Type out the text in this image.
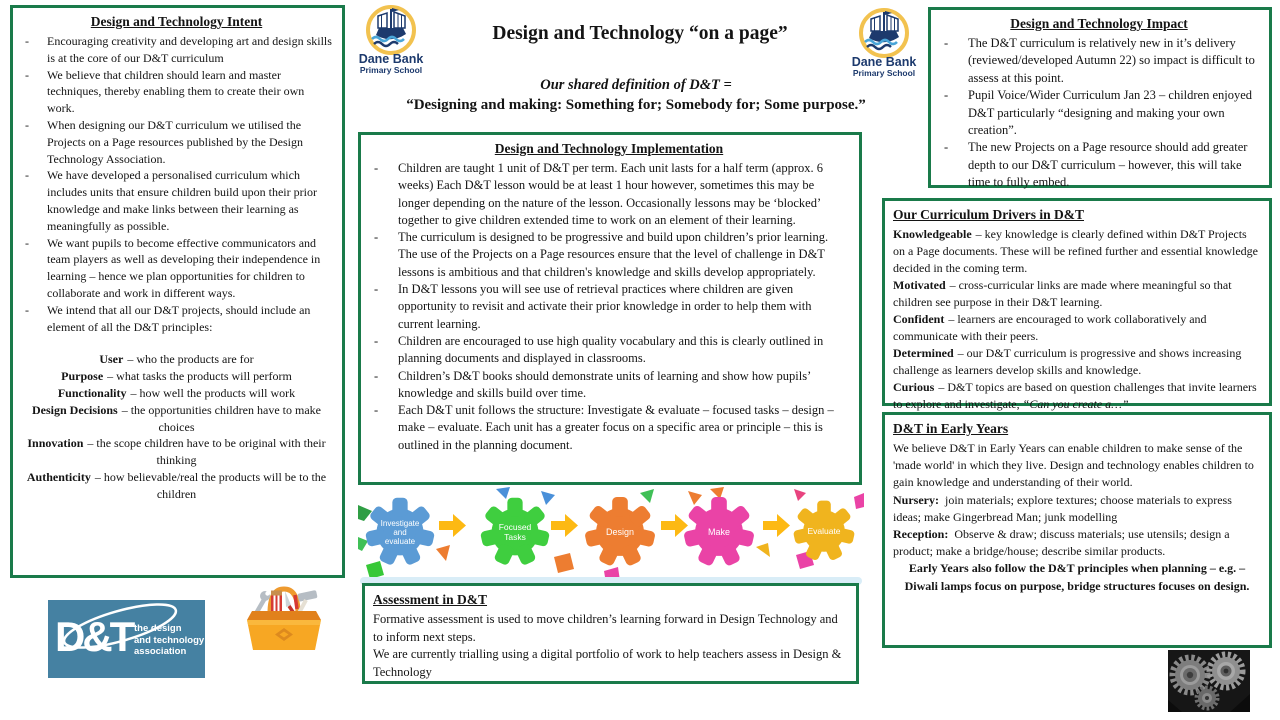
Design and Technology Intent
-	Encouraging creativity and developing art and design skills is at the core of our D&T curriculum
-	We believe that children should learn and master techniques, thereby enabling them to create their own work.
-	When designing our D&T curriculum we utilised the Projects on a Page resources published by the Design Technology Association.
-	We have developed a personalised curriculum which includes units that ensure children build upon their prior knowledge and make links between their learning as meaningfully as possible.
-	We want pupils to become effective communicators and team players as well as developing their independence in learning – hence we plan opportunities for children to collaborate and work in different ways.
-	We intend that all our D&T projects, should include an element of all the D&T principles:
User – who the products are for
Purpose – what tasks the products will perform
Functionality – how well the products will work
Design Decisions – the opportunities children have to make choices
Innovation – the scope children have to be original with their thinking
Authenticity – how believable/real the products will be to the children
Dane Bank
Primary School
Design and Technology “on a page”
Dane Bank
Primary School
Our shared definition of D&T =
“Designing and making: Something for; Somebody for; Some purpose.”
Design and Technology Implementation
-	Children are taught 1 unit of D&T per term. Each unit lasts for a half term (approx. 6 weeks) Each D&T lesson would be at least 1 hour however, sometimes this may be longer depending on the nature of the lesson. Occasionally lessons may be ‘blocked’ together to give children extended time to work on an element of their learning.
-	The curriculum is designed to be progressive and build upon children’s prior learning. The use of the Projects on a Page resources ensure that the level of challenge in D&T lessons is ambitious and that children's knowledge and skills develop appropriately.
-	In D&T lessons you will see use of retrieval practices where children are given opportunity to revisit and activate their prior knowledge in order to help them with current learning.
-	Children are encouraged to use high quality vocabulary and this is clearly outlined in planning documents and displayed in classrooms.
-	Children’s D&T books should demonstrate units of learning and show how pupils’ knowledge and skills build over time.
-	Each D&T unit follows the structure: Investigate & evaluate – focused tasks – design – make – evaluate. Each unit has a greater focus on a specific area or principle – this is outlined in the planning document.
Investigate
and
evaluate
Focused
Tasks	Design	Make	Evaluate
Assessment in D&T
Formative assessment is used to move children’s learning forward in Design Technology and to inform next steps.
We are currently trialling using a digital portfolio of work to help teachers assess in Design & Technology
Design and Technology Impact
-	The D&T curriculum is relatively new in it’s delivery (reviewed/developed Autumn 22) so impact is difficult to assess at this point.
-	Pupil Voice/Wider Curriculum Jan 23 – children enjoyed D&T particularly “designing and making your own creation”.
-	The new Projects on a Page resource should add greater depth to our D&T curriculum – however, this will take time to fully embed.
Our Curriculum Drivers in D&T
Knowledgeable – key knowledge is clearly defined within D&T Projects on a Page documents. These will be refined further and essential knowledge decided in the coming term.
Motivated – cross-curricular links are made where meaningful so that children see purpose in their D&T learning.
Confident – learners are encouraged to work collaboratively and communicate with their peers.
Determined – our D&T curriculum is progressive and shows increasing challenge as learners develop skills and knowledge.
Curious – D&T topics are based on question challenges that invite learners to explore and investigate, “Can you create a…”
D&T in Early Years
We believe D&T in Early Years can enable children to make sense of the 'made world' in which they live. Design and technology enables children to gain knowledge and understanding of their world.
Nursery: join materials; explore textures; choose materials to express ideas; make Gingerbread Man; junk modelling
Reception: Observe & draw; discuss materials; use utensils; design a product; make a bridge/house; describe similar products.
Early Years also follow the D&T principles when planning – e.g. – Diwali lamps focus on purpose, bridge structures focuses on design.
D&T the design
and technology
association
